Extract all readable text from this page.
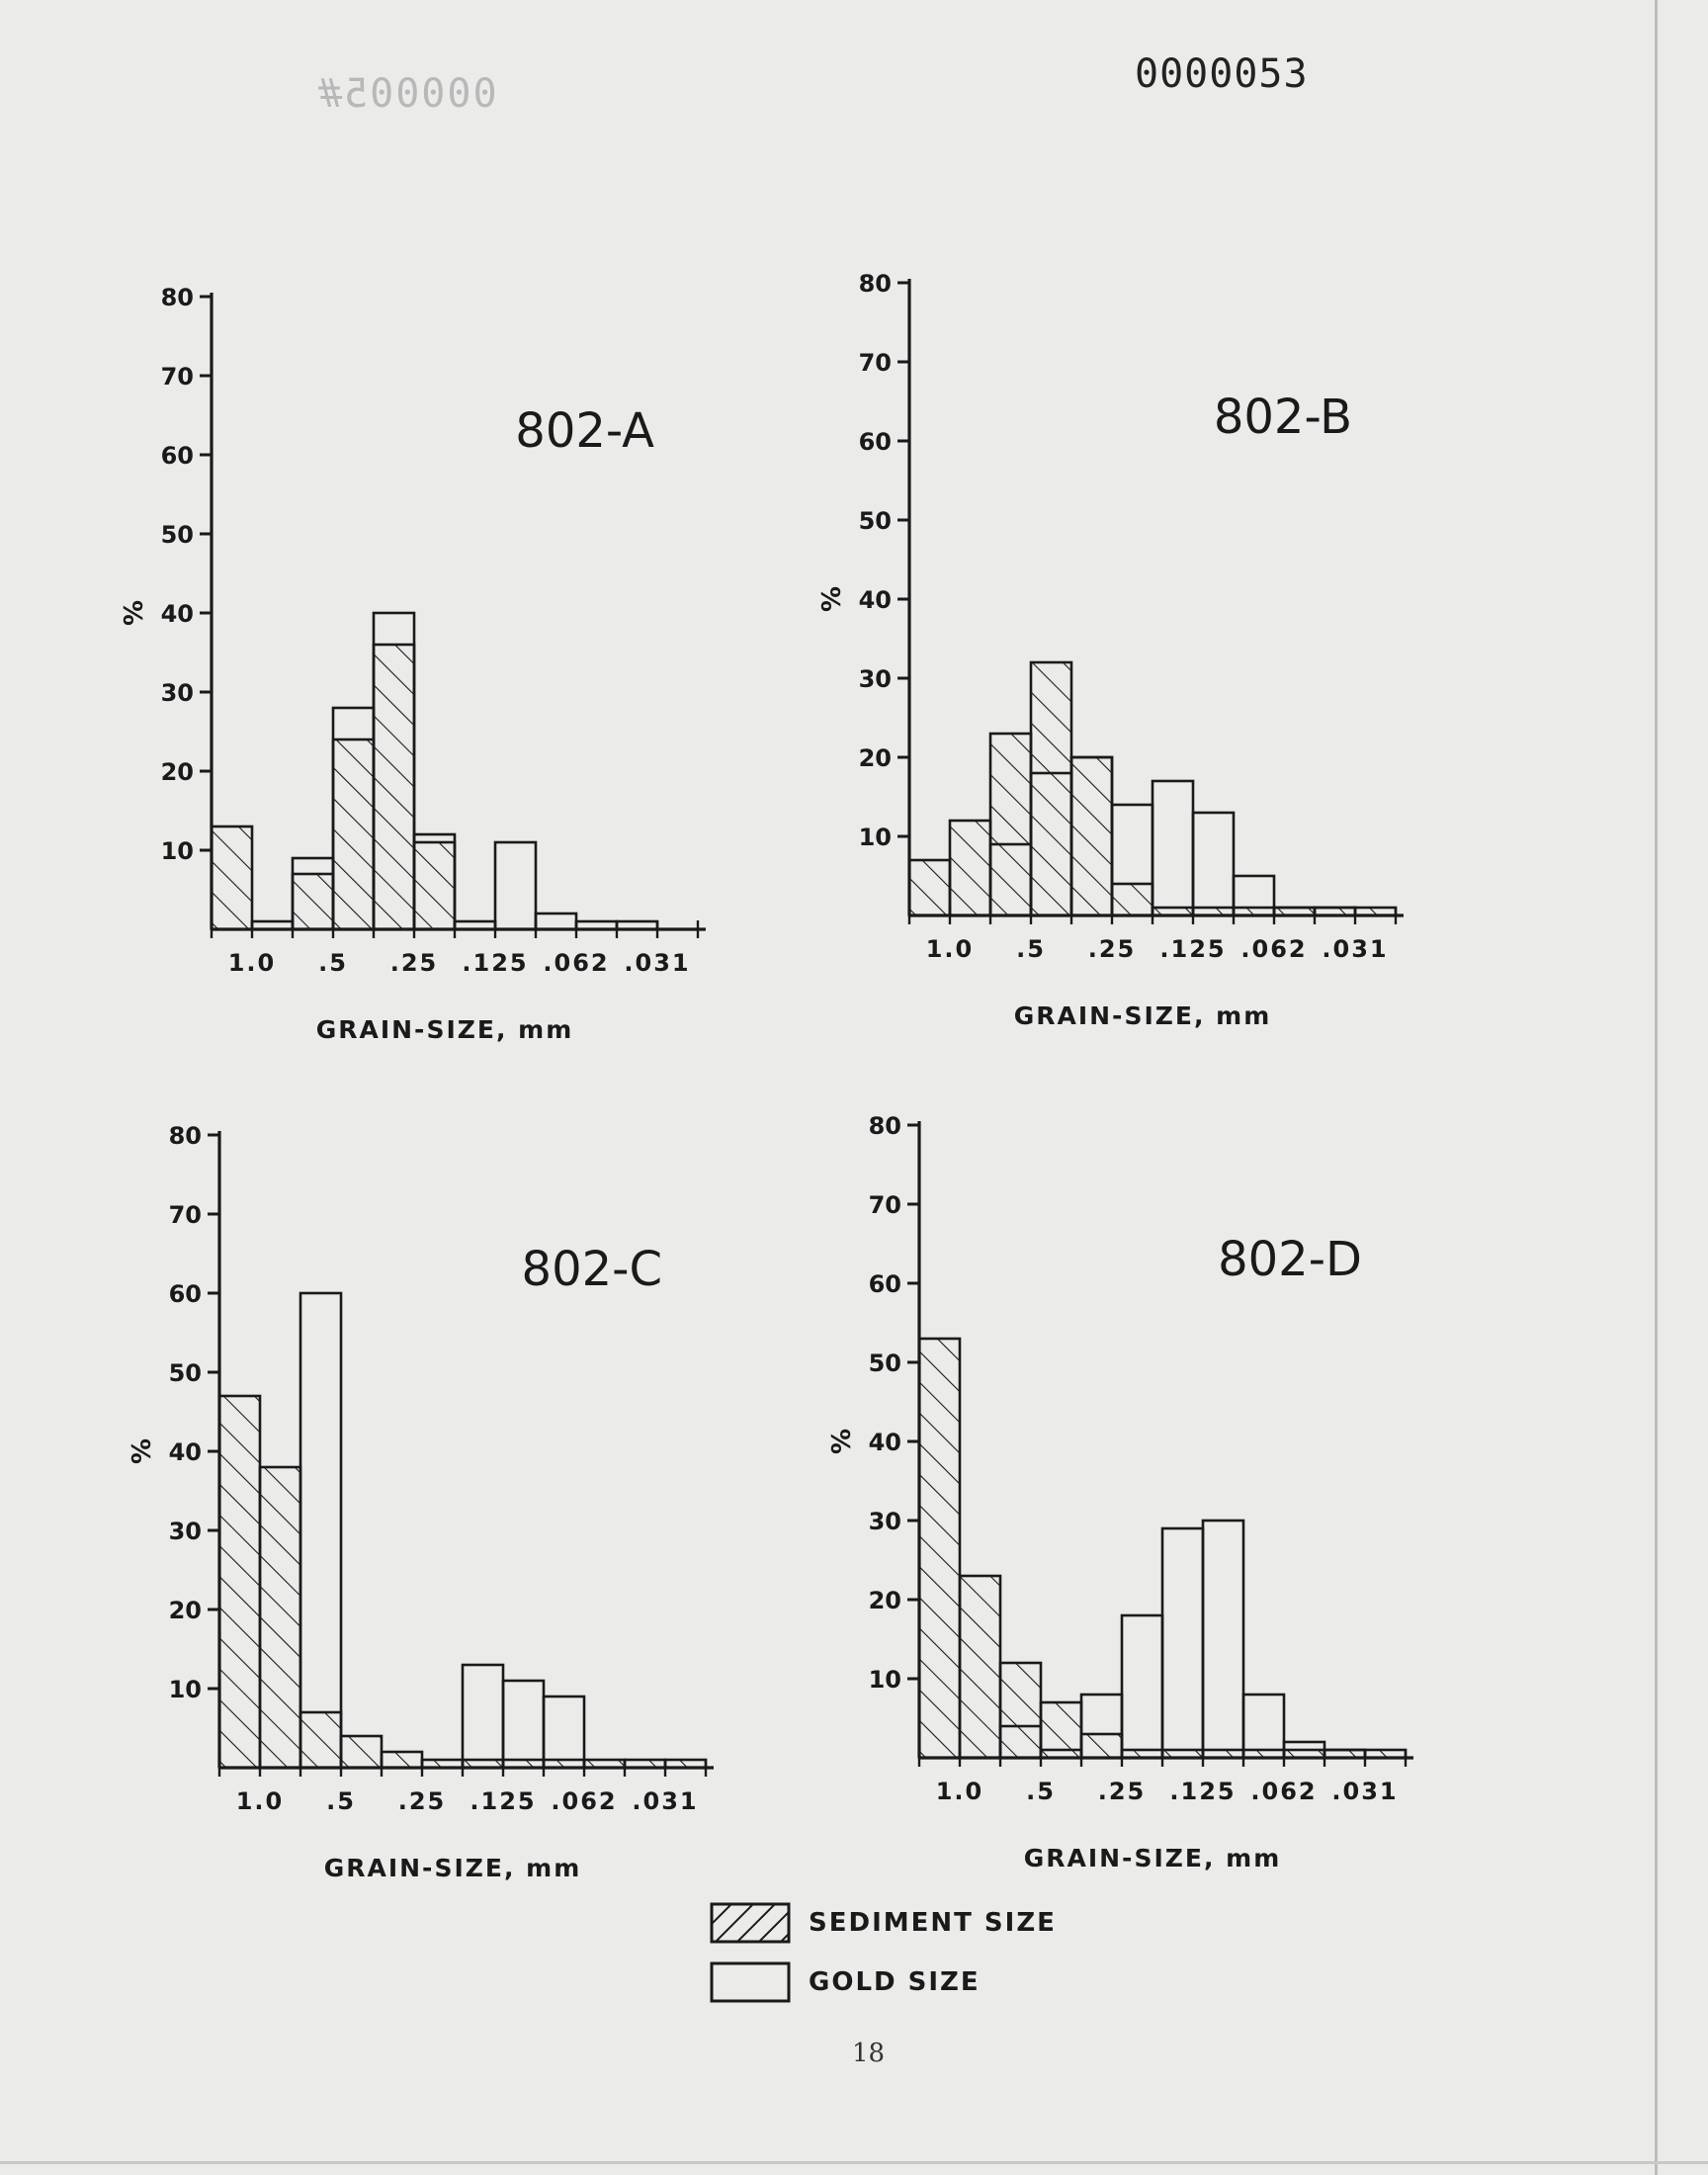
000005#	0000053
10
20
30
40
50
60
70
80
%
1.0 .5 .25 .125 .062 .031
GRAIN-SIZE, mm
802-A
10
20
30
40
50
60
70
80
%
1.0 .5 .25 .125 .062 .031
GRAIN-SIZE, mm
802-B
10
20
30
40
50
60
70
80
%
1.0 .5 .25 .125 .062 .031
GRAIN-SIZE, mm
802-C
10
20
30
40
50
60
70
80
%
1.0 .5 .25 .125 .062 .031
GRAIN-SIZE, mm
802-D
SEDIMENT SIZE
GOLD SIZE
18
